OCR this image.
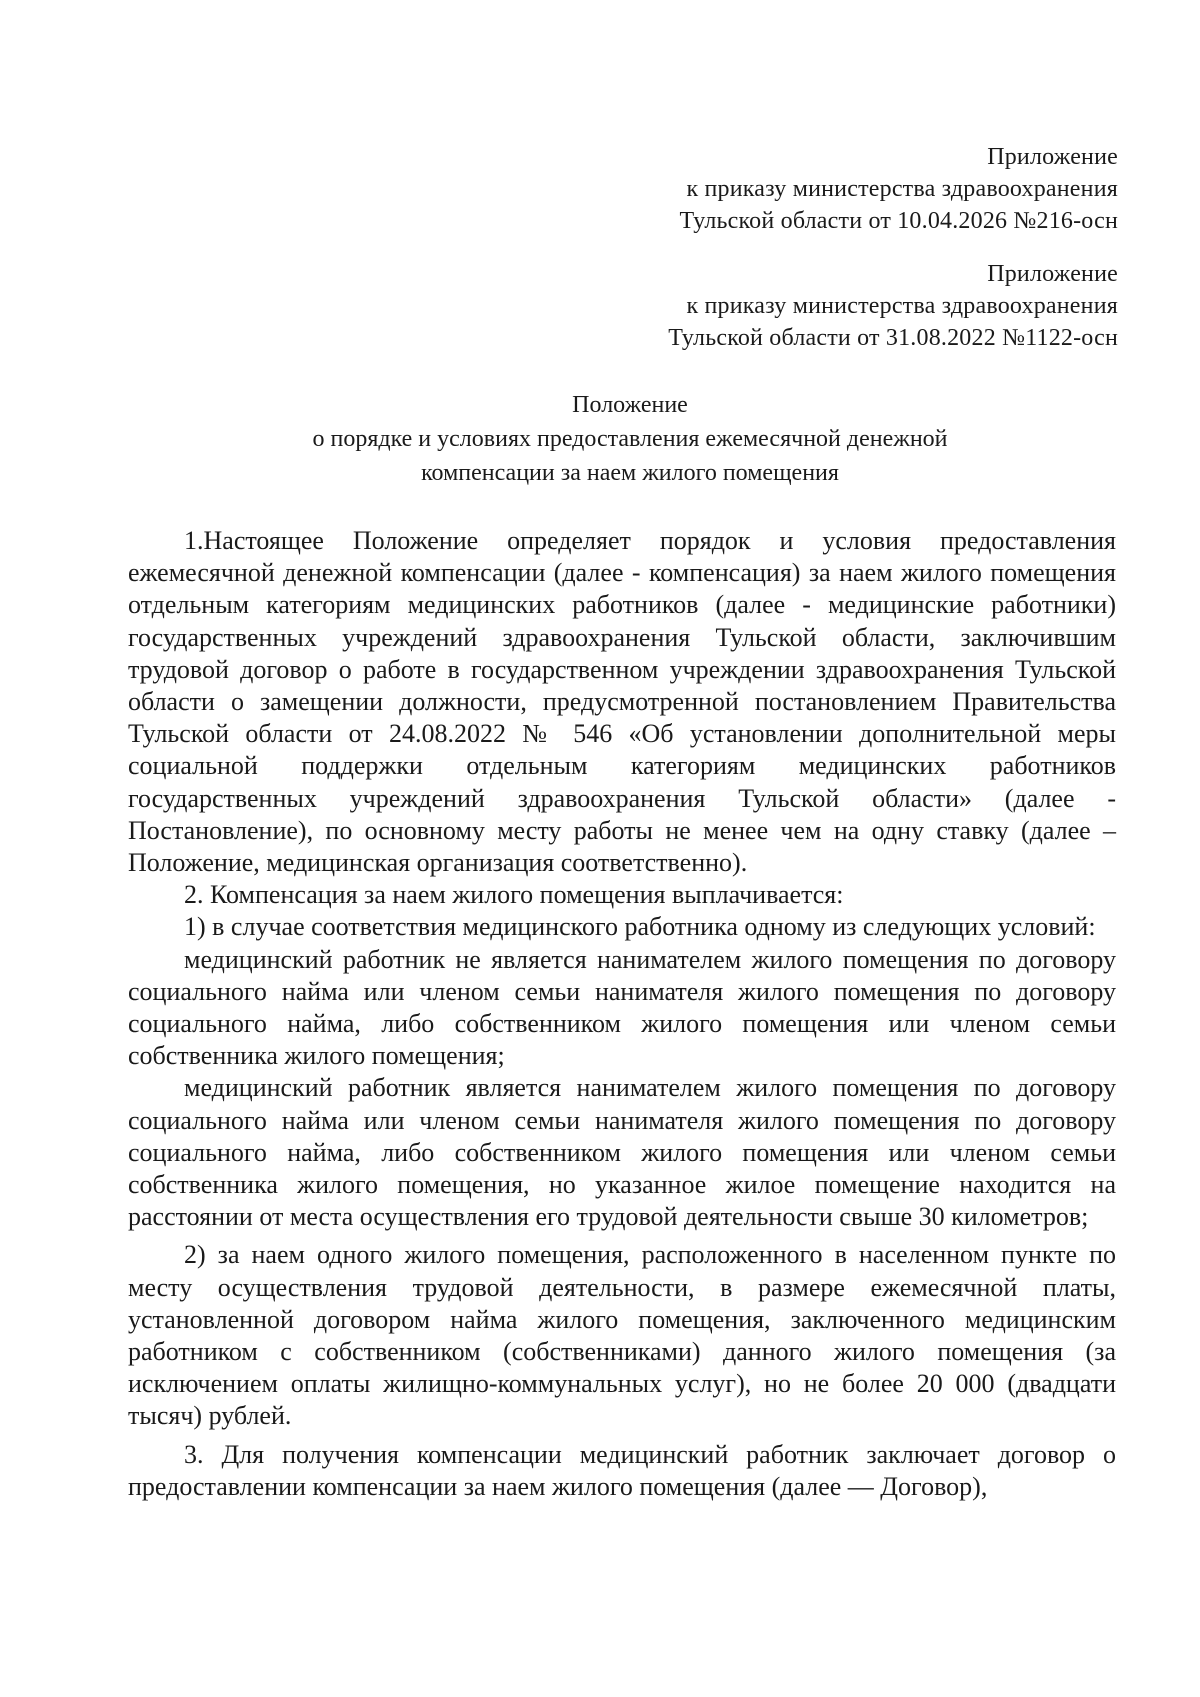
Приложение
к приказу министерства здравоохранения
Тульской области от 10.04.2026 №216-осн
Приложение
к приказу министерства здравоохранения
Тульской области от 31.08.2022 №1122-осн
Положение
о порядке и условиях предоставления ежемесячной денежной
компенсации за наем жилого помещения

1.Настоящее Положение определяет порядок и условия предоставления ежемесячной денежной компенсации (далее - компенсация) за наем жилого помещения отдельным категориям медицинских работников (далее - медицинские работники) государственных учреждений здравоохранения Тульской области, заключившим трудовой договор о работе в государственном учреждении здравоохранения Тульской области о замещении должности, предусмотренной постановлением Правительства Тульской области от 24.08.2022 № 546 «Об установлении дополнительной меры социальной поддержки отдельным категориям медицинских работников государственных учреждений здравоохранения Тульской области» (далее - Постановление), по основному месту работы не менее чем на одну ставку (далее – Положение, медицинская организация соответственно).

2. Компенсация за наем жилого помещения выплачивается:

1) в случае соответствия медицинского работника одному из следующих условий:

медицинский работник не является нанимателем жилого помещения по договору социального найма или членом семьи нанимателя жилого помещения по договору социального найма, либо собственником жилого помещения или членом семьи собственника жилого помещения;

медицинский работник является нанимателем жилого помещения по договору социального найма или членом семьи нанимателя жилого помещения по договору социального найма, либо собственником жилого помещения или членом семьи собственника жилого помещения, но указанное жилое помещение находится на расстоянии от места осуществления его трудовой деятельности свыше 30 километров;

2) за наем одного жилого помещения, расположенного в населенном пункте по месту осуществления трудовой деятельности, в размере ежемесячной платы, установленной договором найма жилого помещения, заключенного медицинским работником с собственником (собственниками) данного жилого помещения (за исключением оплаты жилищно-коммунальных услуг), но не более 20 000 (двадцати тысяч) рублей.

3. Для получения компенсации медицинский работник заключает договор о предоставлении компенсации за наем жилого помещения (далее — Договор),
